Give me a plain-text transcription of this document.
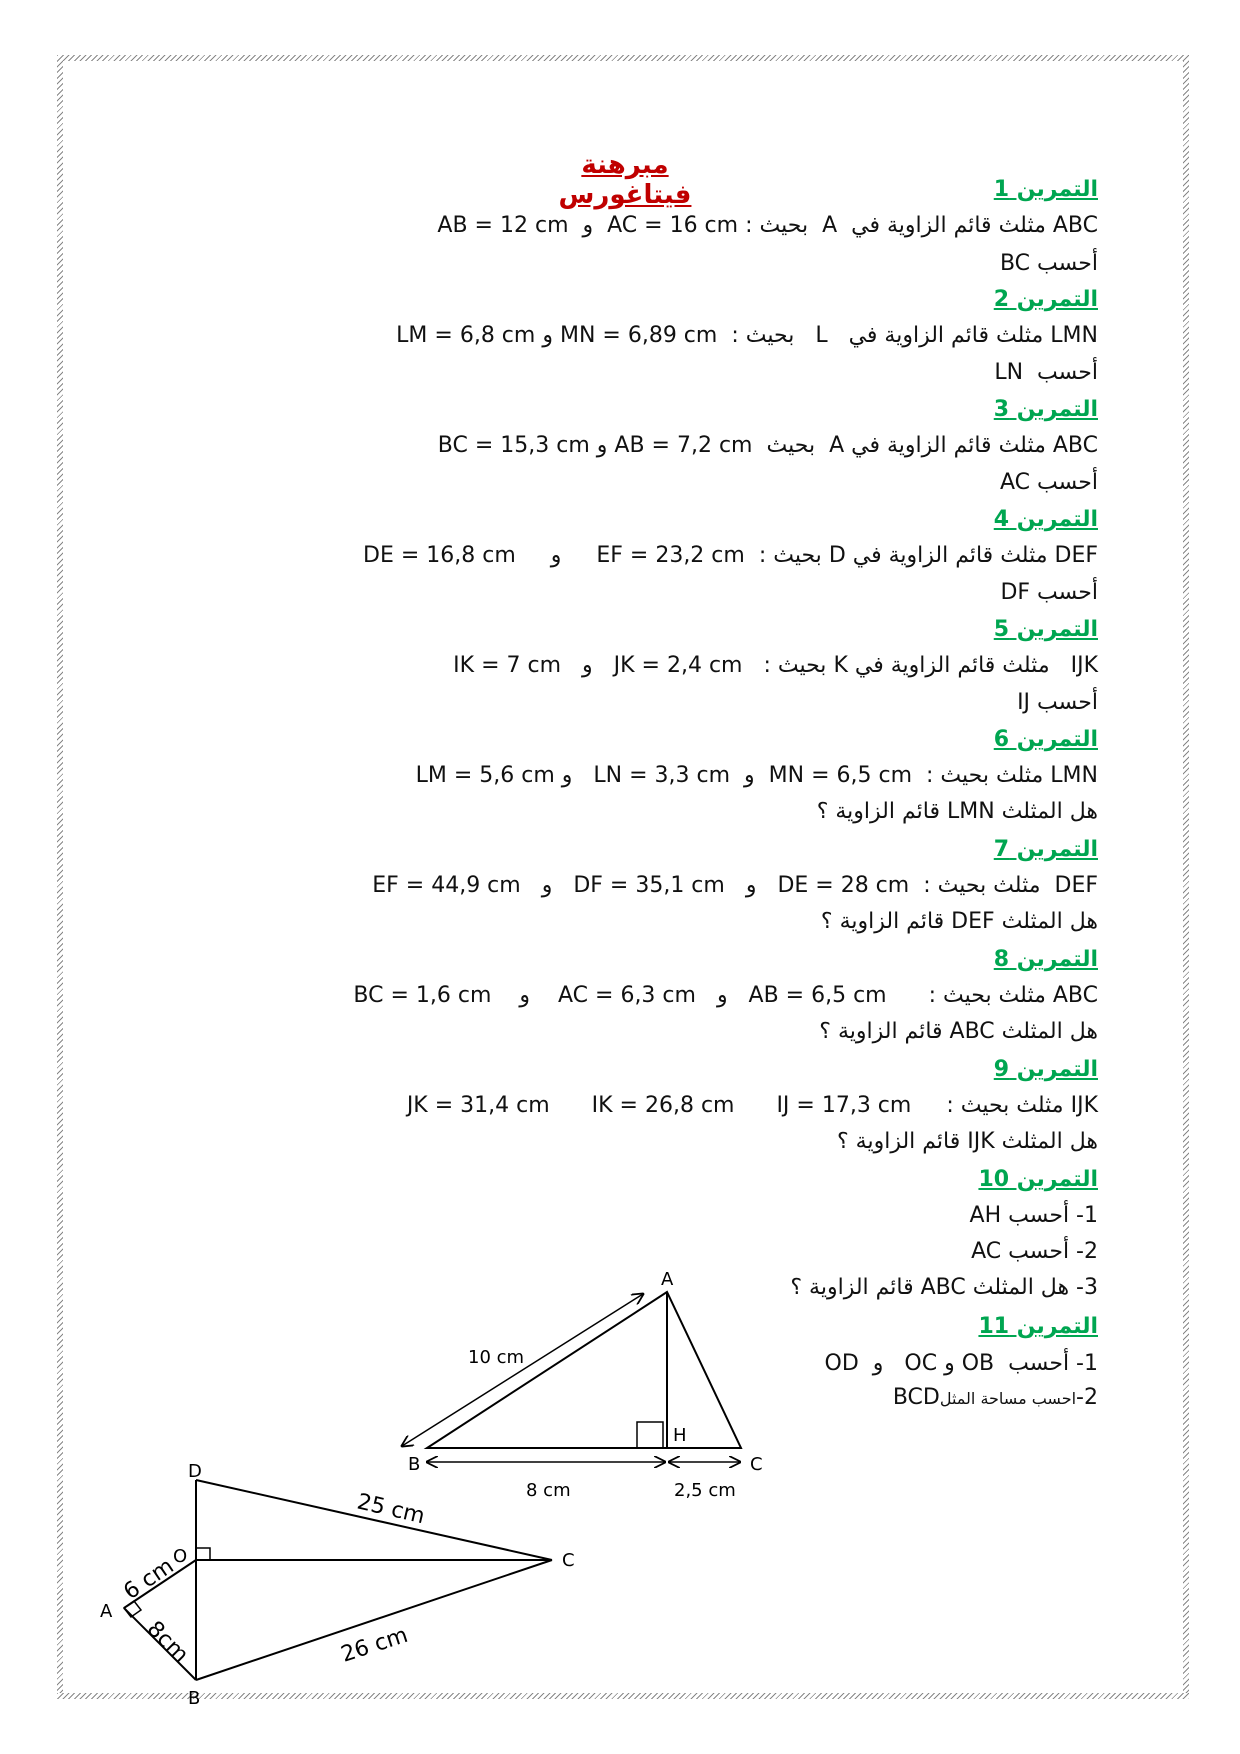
مبرهنة فيتاغورس	التمرين 1
ABC مثلث قائم الزاوية في  A  بحيث : AC = 16 cm  و  AB = 12 cm
أحسب BC
التمرين 2
LMN مثلث قائم الزاوية في   L   بحيث :  MN = 6,89 cm و LM = 6,8 cm
أحسب  LN
التمرين 3
ABC مثلث قائم الزاوية في A  بحيث  AB = 7,2 cm و BC = 15,3 cm
أحسب AC
التمرين 4
DEF مثلث قائم الزاوية في D بحيث :  EF = 23,2 cm     و     DE = 16,8 cm
أحسب DF
التمرين 5
IJK   مثلث قائم الزاوية في K بحيث :   JK = 2,4 cm   و   IK = 7 cm
أحسب IJ
التمرين 6
LMN مثلث بحيث :  MN = 6,5 cm  و  LN = 3,3 cm   و LM = 5,6 cm
هل المثلث LMN قائم الزاوية ؟
التمرين 7
DEF  مثلث بحيث :  DE = 28 cm   و   DF = 35,1 cm   و   EF = 44,9 cm
هل المثلث DEF قائم الزاوية ؟
التمرين 8
ABC مثلث بحيث :      AB = 6,5 cm   و   AC = 6,3 cm    و    BC = 1,6 cm
هل المثلث ABC قائم الزاوية ؟
التمرين 9
IJK مثلث بحيث :     IJ = 17,3 cm      IK = 26,8 cm      JK = 31,4 cm
هل المثلث IJK قائم الزاوية ؟
التمرين 10
1- أحسب AH
2- أحسب AC
3- هل المثلث ABC قائم الزاوية ؟
التمرين 11
1- أحسب  OB و OC   و  OD
2-احسب مساحة المثلBCD
A
B	C
H
10 cm
8 cm	2,5 cm
D
O
A
B
C
25 cm
26 cm
6 cm
8cm
